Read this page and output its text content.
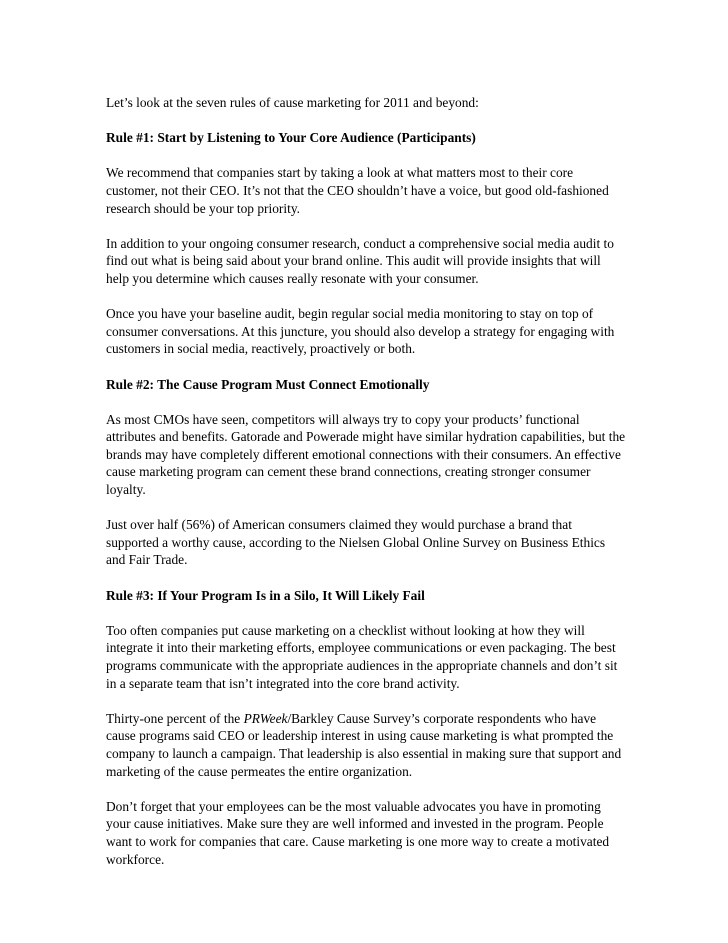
Let’s look at the seven rules of cause marketing for 2011 and beyond:

Rule #1: Start by Listening to Your Core Audience (Participants)

We recommend that companies start by taking a look at what matters most to their core customer, not their CEO. It’s not that the CEO shouldn’t have a voice, but good old-fashioned research should be your top priority.

In addition to your ongoing consumer research, conduct a comprehensive social media audit to find out what is being said about your brand online. This audit will provide insights that will help you determine which causes really resonate with your consumer.

Once you have your baseline audit, begin regular social media monitoring to stay on top of consumer conversations. At this juncture, you should also develop a strategy for engaging with customers in social media, reactively, proactively or both.

Rule #2: The Cause Program Must Connect Emotionally

As most CMOs have seen, competitors will always try to copy your products’ functional attributes and benefits. Gatorade and Powerade might have similar hydration capabilities, but the brands may have completely different emotional connections with their consumers. An effective cause marketing program can cement these brand connections, creating stronger consumer loyalty.

Just over half (56%) of American consumers claimed they would purchase a brand that supported a worthy cause, according to the Nielsen Global Online Survey on Business Ethics and Fair Trade.

Rule #3: If Your Program Is in a Silo, It Will Likely Fail

Too often companies put cause marketing on a checklist without looking at how they will integrate it into their marketing efforts, employee communications or even packaging. The best programs communicate with the appropriate audiences in the appropriate channels and don’t sit in a separate team that isn’t integrated into the core brand activity.

Thirty-one percent of the PRWeek/Barkley Cause Survey’s corporate respondents who have cause programs said CEO or leadership interest in using cause marketing is what prompted the company to launch a campaign. That leadership is also essential in making sure that support and marketing of the cause permeates the entire organization.

Don’t forget that your employees can be the most valuable advocates you have in promoting your cause initiatives. Make sure they are well informed and invested in the program. People want to work for companies that care. Cause marketing is one more way to create a motivated workforce.
